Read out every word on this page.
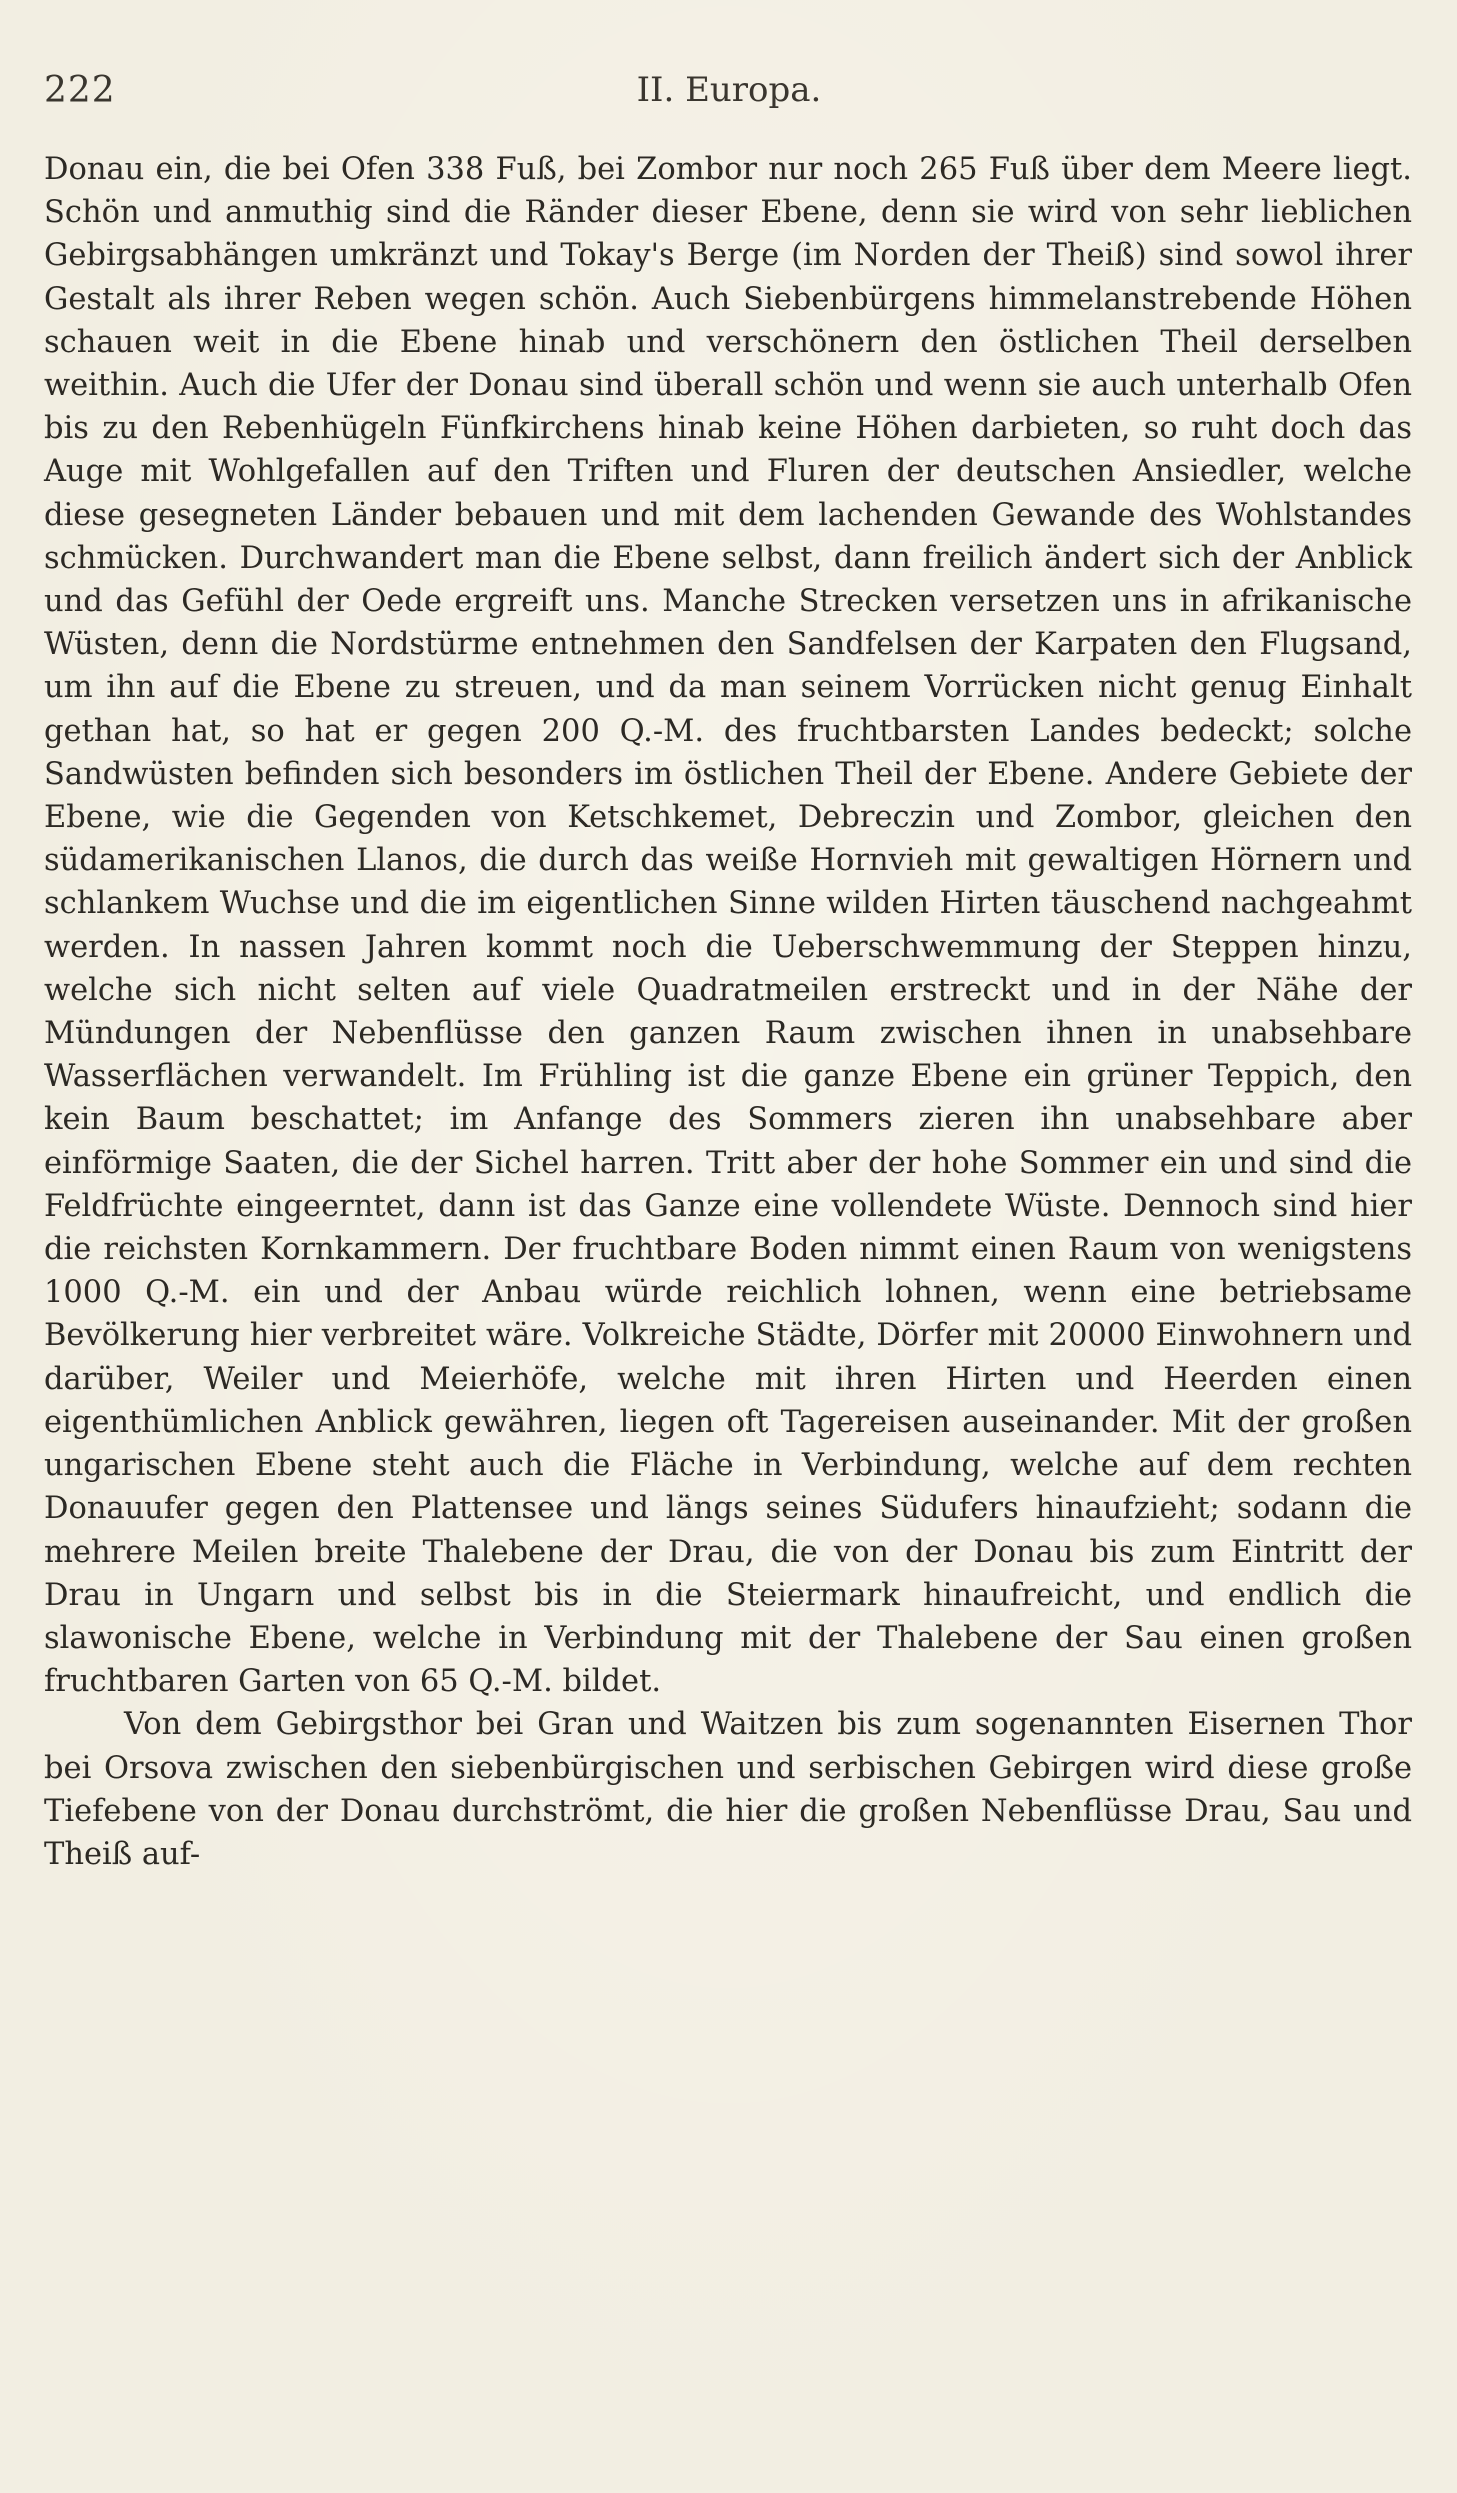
222	II. Europa.

Donau ein, die bei Ofen 338 Fuß, bei Zombor nur noch 265 Fuß über dem Meere liegt. Schön und anmuthig sind die Ränder dieser Ebene, denn sie wird von sehr lieblichen Gebirgsabhängen umkränzt und Tokay's Berge (im Norden der Theiß) sind sowol ihrer Gestalt als ihrer Reben wegen schön. Auch Siebenbürgens himmelanstrebende Höhen schauen weit in die Ebene hinab und verschönern den östlichen Theil derselben weithin. Auch die Ufer der Donau sind überall schön und wenn sie auch unterhalb Ofen bis zu den Rebenhügeln Fünfkirchens hinab keine Höhen darbieten, so ruht doch das Auge mit Wohlgefallen auf den Triften und Fluren der deutschen Ansiedler, welche diese gesegneten Länder bebauen und mit dem lachenden Gewande des Wohlstandes schmücken. Durchwandert man die Ebene selbst, dann freilich ändert sich der Anblick und das Gefühl der Oede ergreift uns. Manche Strecken versetzen uns in afrikanische Wüsten, denn die Nordstürme entnehmen den Sandfelsen der Karpaten den Flugsand, um ihn auf die Ebene zu streuen, und da man seinem Vorrücken nicht genug Einhalt gethan hat, so hat er gegen 200 Q.-M. des fruchtbarsten Landes bedeckt; solche Sandwüsten befinden sich besonders im östlichen Theil der Ebene. Andere Gebiete der Ebene, wie die Gegenden von Ketschkemet, Debreczin und Zombor, gleichen den südamerikanischen Llanos, die durch das weiße Hornvieh mit gewaltigen Hörnern und schlankem Wuchse und die im eigentlichen Sinne wilden Hirten täuschend nachgeahmt werden. In nassen Jahren kommt noch die Ueberschwemmung der Steppen hinzu, welche sich nicht selten auf viele Quadratmeilen erstreckt und in der Nähe der Mündungen der Nebenflüsse den ganzen Raum zwischen ihnen in unabsehbare Wasserflächen verwandelt. Im Frühling ist die ganze Ebene ein grüner Teppich, den kein Baum beschattet; im Anfange des Sommers zieren ihn unabsehbare aber einförmige Saaten, die der Sichel harren. Tritt aber der hohe Sommer ein und sind die Feldfrüchte eingeerntet, dann ist das Ganze eine vollendete Wüste. Dennoch sind hier die reichsten Kornkammern. Der fruchtbare Boden nimmt einen Raum von wenigstens 1000 Q.-M. ein und der Anbau würde reichlich lohnen, wenn eine betriebsame Bevölkerung hier verbreitet wäre. Volkreiche Städte, Dörfer mit 20000 Einwohnern und darüber, Weiler und Meierhöfe, welche mit ihren Hirten und Heerden einen eigenthümlichen Anblick gewähren, liegen oft Tagereisen auseinander. Mit der großen ungarischen Ebene steht auch die Fläche in Verbindung, welche auf dem rechten Donauufer gegen den Plattensee und längs seines Südufers hinaufzieht; sodann die mehrere Meilen breite Thalebene der Drau, die von der Donau bis zum Eintritt der Drau in Ungarn und selbst bis in die Steiermark hinaufreicht, und endlich die slawonische Ebene, welche in Verbindung mit der Thalebene der Sau einen großen fruchtbaren Garten von 65 Q.-M. bildet.

Von dem Gebirgsthor bei Gran und Waitzen bis zum sogenannten Eisernen Thor bei Orsova zwischen den siebenbürgischen und serbischen Gebirgen wird diese große Tiefebene von der Donau durchströmt, die hier die großen Nebenflüsse Drau, Sau und Theiß auf-
